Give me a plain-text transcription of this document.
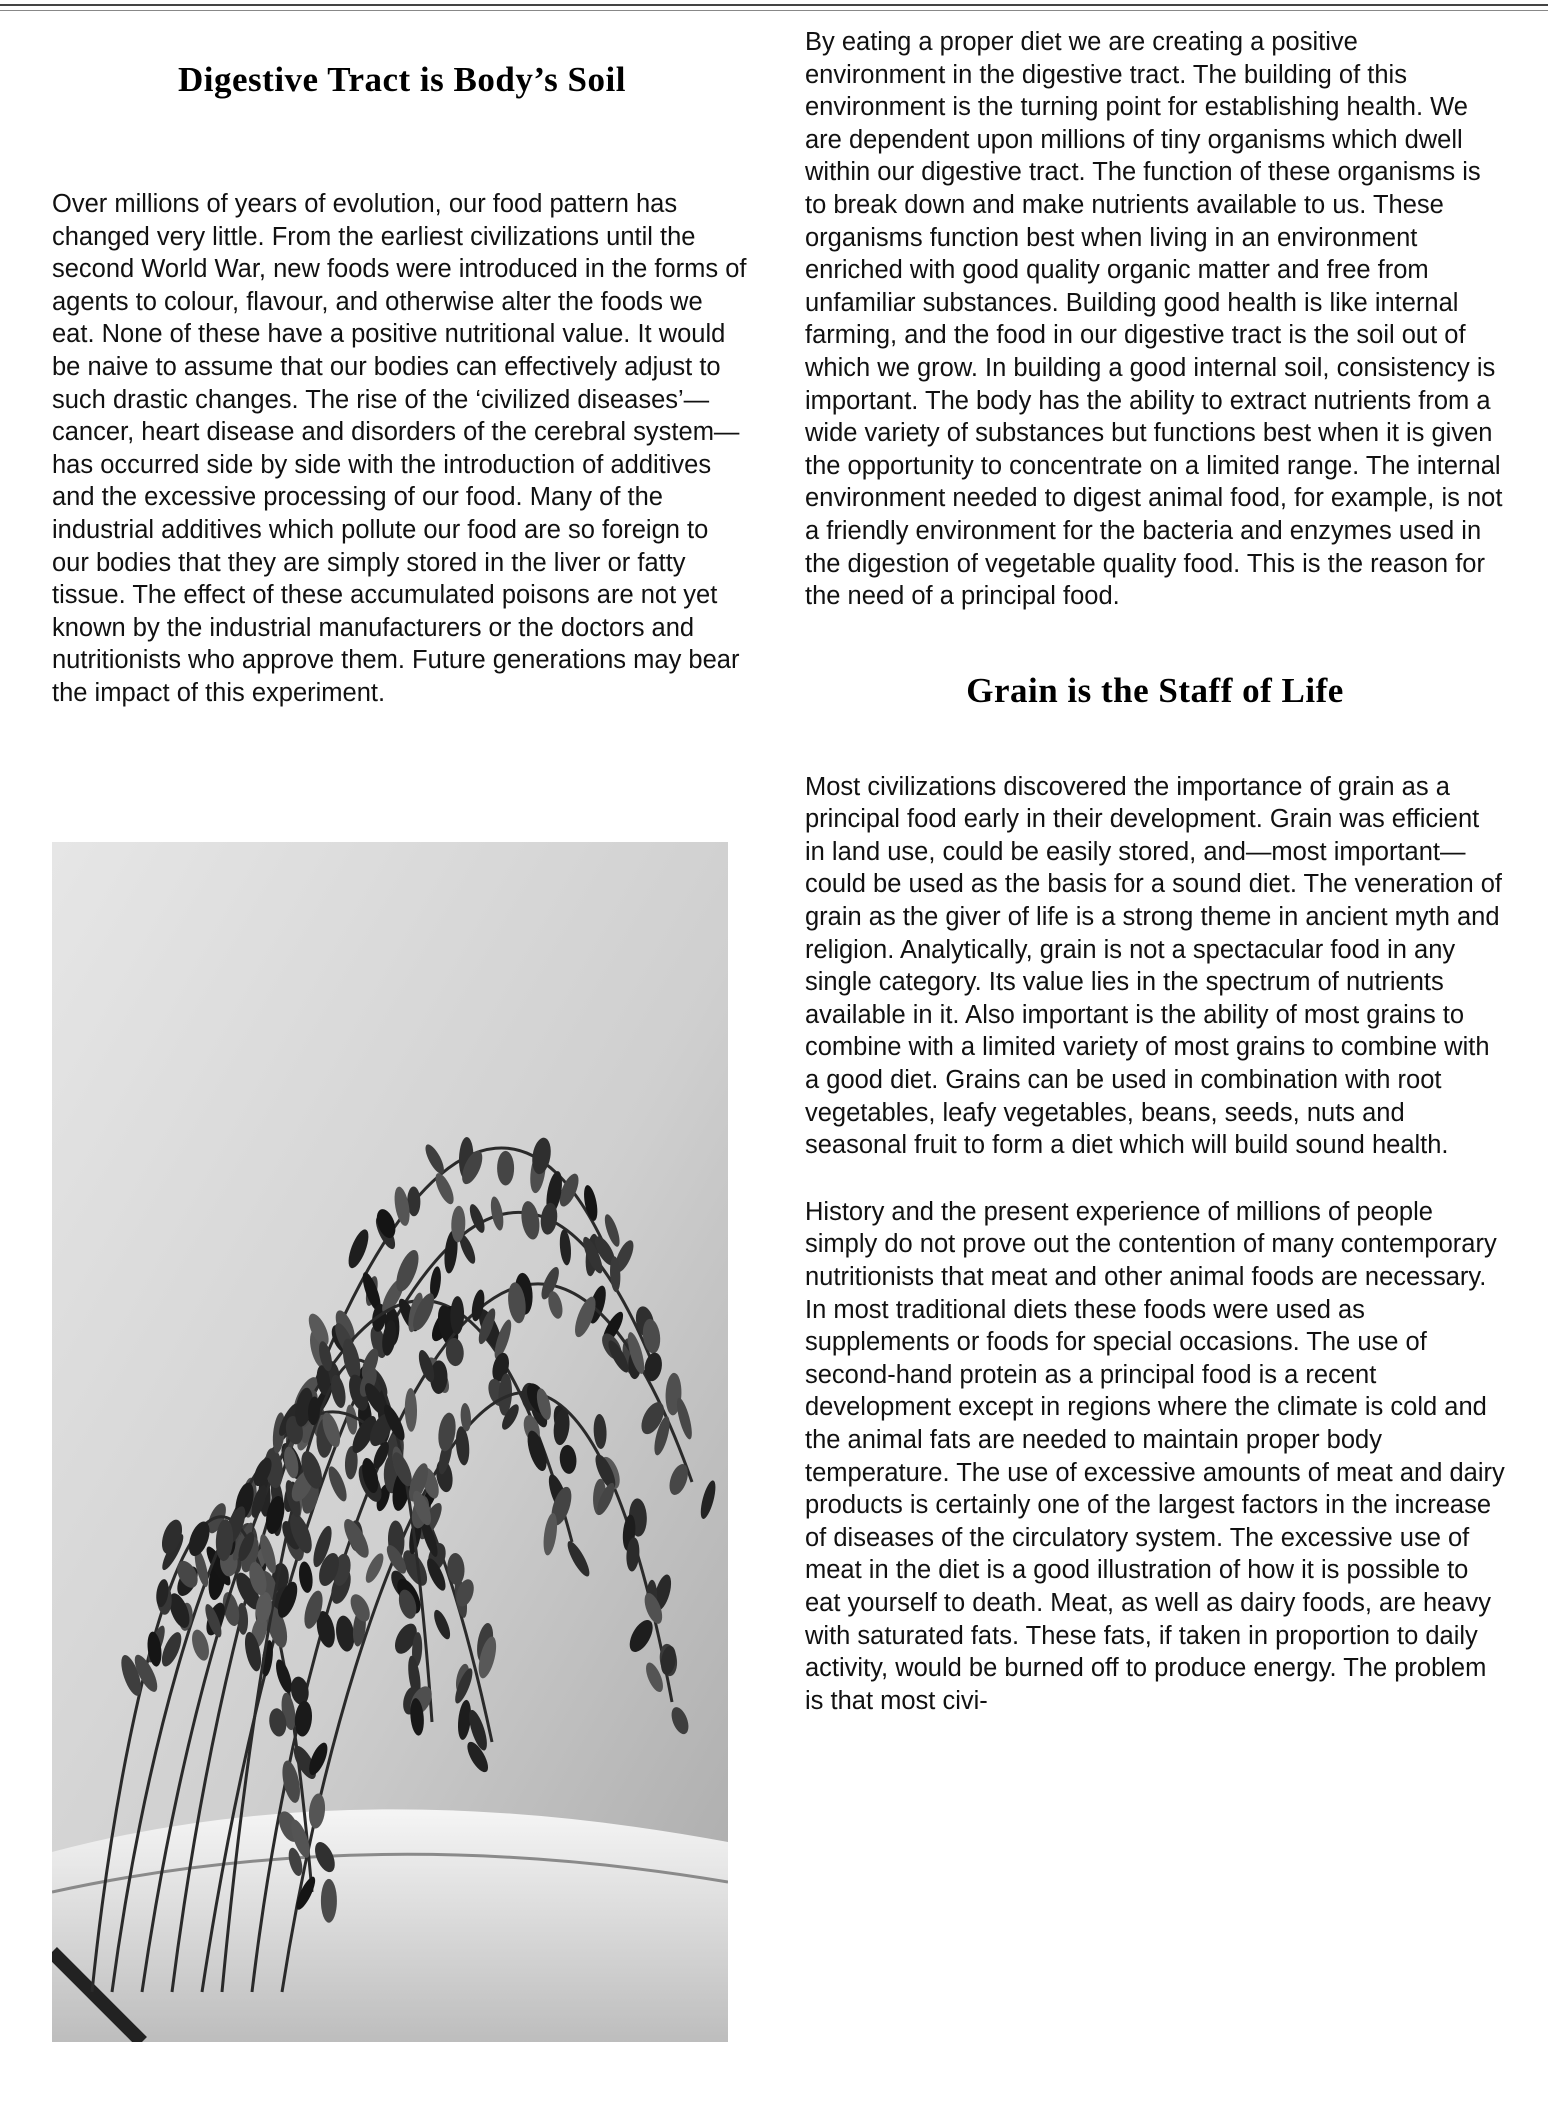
Digestive Tract is Body’s Soil

Over millions of years of evolution, our food pattern has changed very little. From the earliest civilizations until the second World War, new foods were introduced in the forms of agents to colour, flavour, and otherwise alter the foods we eat. None of these have a positive nutritional value. It would be naive to assume that our bodies can effectively adjust to such drastic changes. The rise of the ‘civilized diseases’—cancer, heart disease and disorders of the cerebral system—has occurred side by side with the introduction of additives and the excessive processing of our food. Many of the industrial additives which pollute our food are so foreign to our bodies that they are simply stored in the liver or fatty tissue. The effect of these accumulated poisons are not yet known by the industrial manufacturers or the doctors and nutritionists who approve them. Future generations may bear the impact of this experiment.

By eating a proper diet we are creating a positive environment in the digestive tract. The building of this environment is the turning point for establishing health. We are dependent upon millions of tiny organisms which dwell within our digestive tract. The function of these organisms is to break down and make nutrients available to us. These organisms function best when living in an environment enriched with good quality organic matter and free from unfamiliar substances. Building good health is like internal farming, and the food in our digestive tract is the soil out of which we grow. In building a good internal soil, consistency is important. The body has the ability to extract nutrients from a wide variety of substances but functions best when it is given the opportunity to concentrate on a limited range. The internal environment needed to digest animal food, for example, is not a friendly environment for the bacteria and enzymes used in the digestion of vegetable quality food. This is the reason for the need of a principal food.

Grain is the Staff of Life

Most civilizations discovered the importance of grain as a principal food early in their development. Grain was efficient in land use, could be easily stored, and—most important—could be used as the basis for a sound diet. The veneration of grain as the giver of life is a strong theme in ancient myth and religion. Analytically, grain is not a spectacular food in any single category. Its value lies in the spectrum of nutrients available in it. Also important is the ability of most grains to combine with a limited variety of most grains to combine with a good diet. Grains can be used in combination with root vegetables, leafy vegetables, beans, seeds, nuts and seasonal fruit to form a diet which will build sound health.

History and the present experience of millions of people simply do not prove out the contention of many contemporary nutritionists that meat and other animal foods are necessary. In most traditional diets these foods were used as supplements or foods for special occasions. The use of second-hand protein as a principal food is a recent development except in regions where the climate is cold and the animal fats are needed to maintain proper body temperature. The use of excessive amounts of meat and dairy products is certainly one of the largest factors in the increase of diseases of the circulatory system. The excessive use of meat in the diet is a good illustration of how it is possible to eat yourself to death. Meat, as well as dairy foods, are heavy with saturated fats. These fats, if taken in proportion to daily activity, would be burned off to produce energy. The problem is that most civi-
